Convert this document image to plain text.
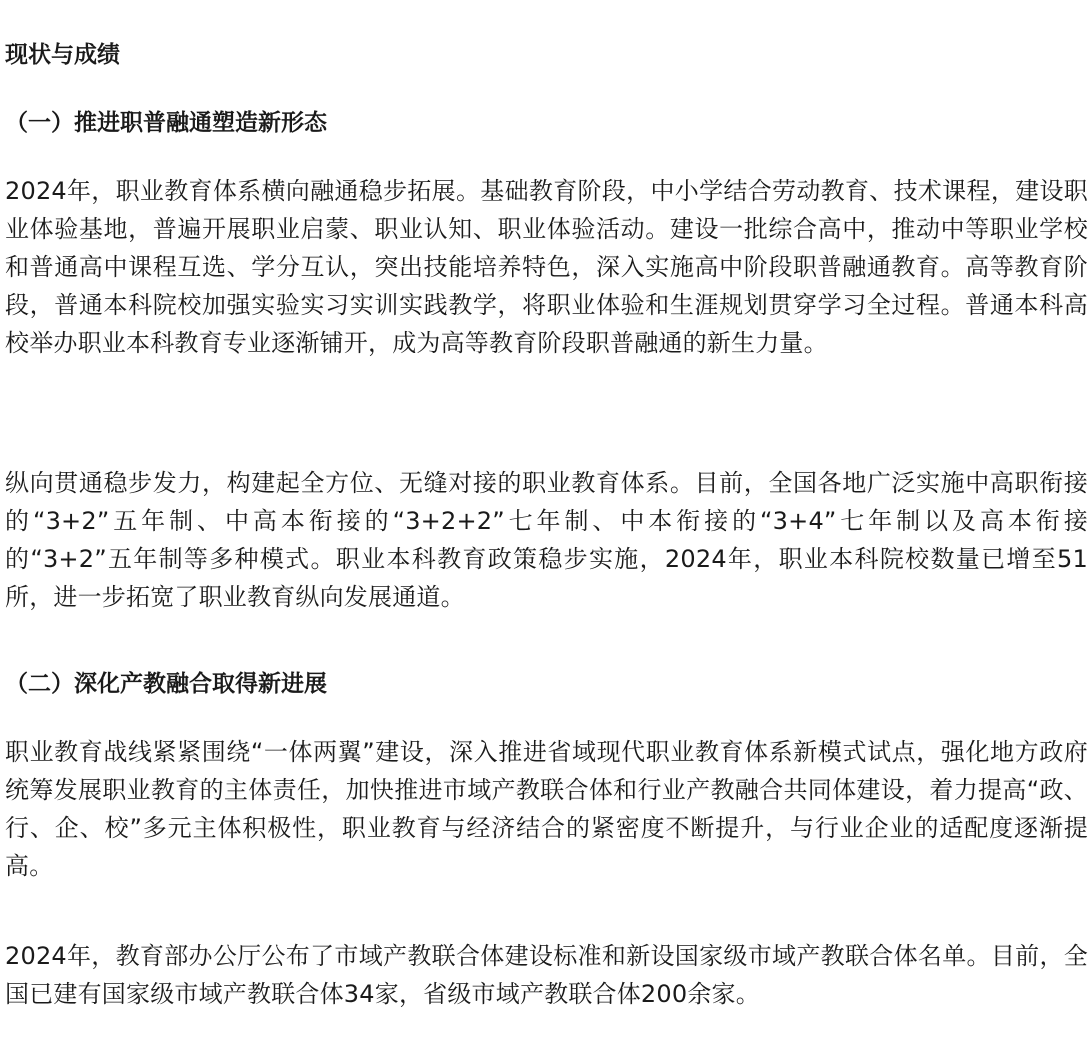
现状与成绩
（一）推进职普融通塑造新形态

2024年，职业教育体系横向融通稳步拓展。基础教育阶段，中小学结合劳动教育、技术课程，建设职业体验基地，普遍开展职业启蒙、职业认知、职业体验活动。建设一批综合高中，推动中等职业学校和普通高中课程互选、学分互认，突出技能培养特色，深入实施高中阶段职普融通教育。高等教育阶段，普通本科院校加强实验实习实训实践教学，将职业体验和生涯规划贯穿学习全过程。普通本科高校举办职业本科教育专业逐渐铺开，成为高等教育阶段职普融通的新生力量。

纵向贯通稳步发力，构建起全方位、无缝对接的职业教育体系。目前，全国各地广泛实施中高职衔接的“3+2”五年制、中高本衔接的“3+2+2”七年制、中本衔接的“3+4”七年制以及高本衔接的“3+2”五年制等多种模式。职业本科教育政策稳步实施，2024年，职业本科院校数量已增至51所，进一步拓宽了职业教育纵向发展通道。

（二）深化产教融合取得新进展

职业教育战线紧紧围绕“一体两翼”建设，深入推进省域现代职业教育体系新模式试点，强化地方政府统筹发展职业教育的主体责任，加快推进市域产教联合体和行业产教融合共同体建设，着力提高“政、行、企、校”多元主体积极性，职业教育与经济结合的紧密度不断提升，与行业企业的适配度逐渐提高。

2024年，教育部办公厅公布了市域产教联合体建设标准和新设国家级市域产教联合体名单。目前，全国已建有国家级市域产教联合体34家，省级市域产教联合体200余家。
